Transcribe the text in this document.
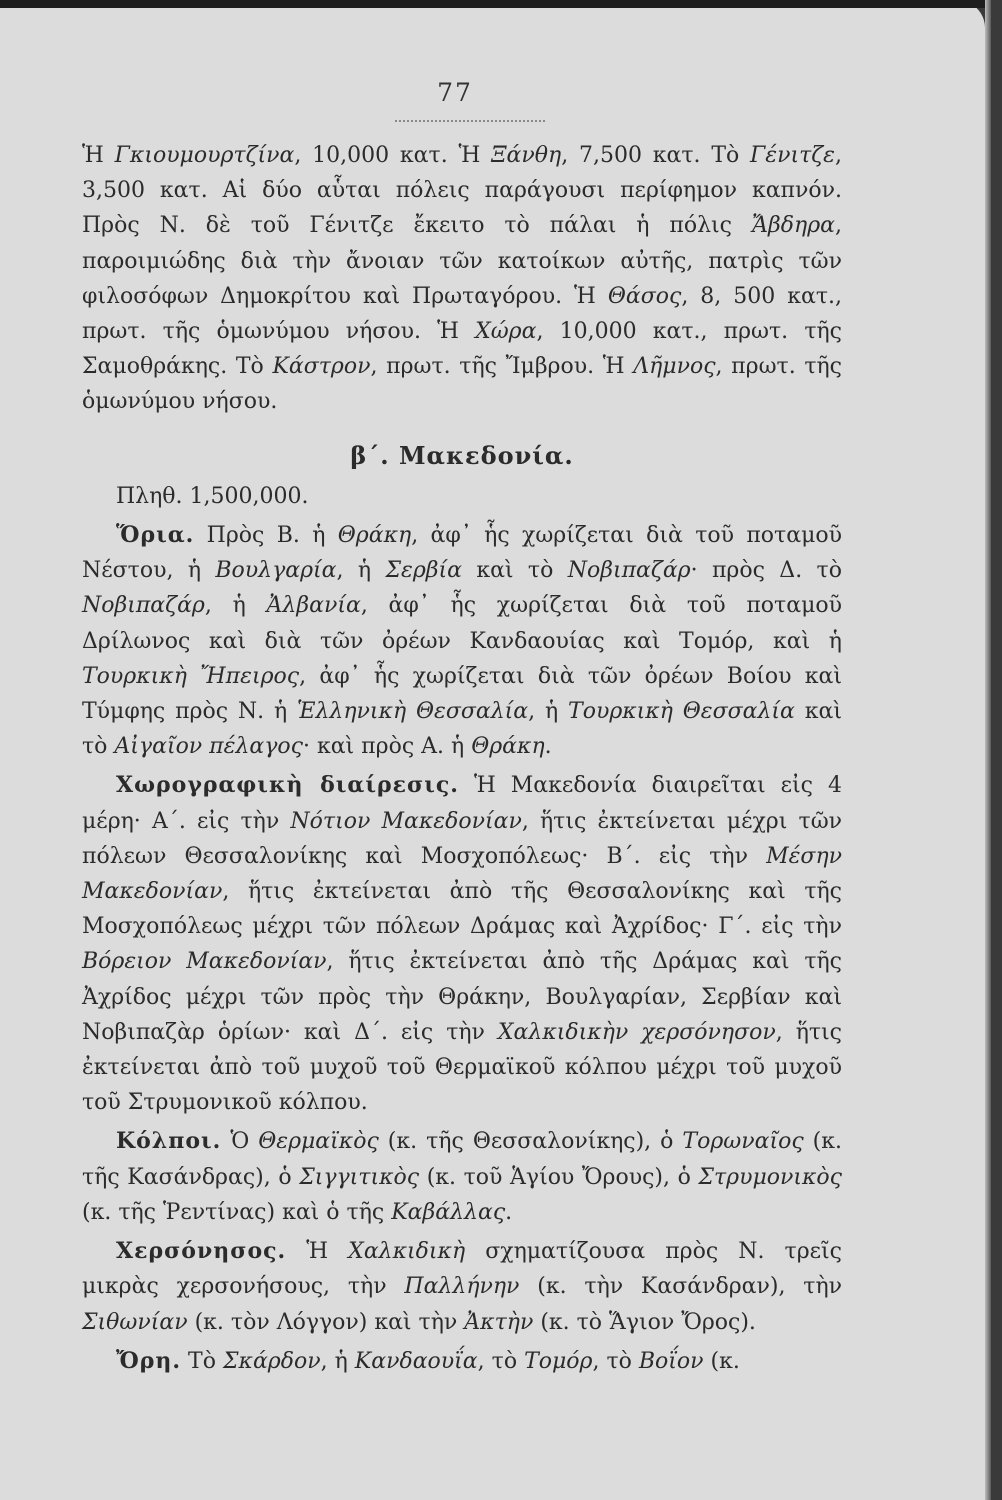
77

Ἡ Γκιουμουρτζίνα, 10,000 κατ. Ἡ Ξάνθη, 7,500 κατ. Τὸ Γένιτζε, 3,500 κατ. Αἱ δύο αὗται πόλεις παράγουσι περίφημον καπνόν. Πρὸς Ν. δὲ τοῦ Γένιτζε ἔκειτο τὸ πάλαι ἡ πόλις Ἄβδηρα, παροιμιώδης διὰ τὴν ἄνοιαν τῶν κατοίκων αὐτῆς, πατρὶς τῶν φιλοσόφων Δημοκρίτου καὶ Πρωταγόρου. Ἡ Θάσος, 8, 500 κατ., πρωτ. τῆς ὁμωνύμου νήσου. Ἡ Χώρα, 10,000 κατ., πρωτ. τῆς Σαμοθράκης. Τὸ Κάστρον, πρωτ. τῆς Ἴμβρου. Ἡ Λῆμνος, πρωτ. τῆς ὁμωνύμου νήσου.

β΄. Μακεδονία.

Πληθ. 1,500,000.

Ὅρια. Πρὸς Β. ἡ Θράκη, ἀφ᾽ ἧς χωρίζεται διὰ τοῦ ποταμοῦ Νέστου, ἡ Βουλγαρία, ἡ Σερβία καὶ τὸ Νοβιπαζάρ· πρὸς Δ. τὸ Νοβιπαζάρ, ἡ Ἀλβανία, ἀφ᾽ ἧς χωρίζεται διὰ τοῦ ποταμοῦ Δρίλωνος καὶ διὰ τῶν ὀρέων Κανδαουίας καὶ Τομόρ, καὶ ἡ Τουρκικὴ Ἤπειρος, ἀφ᾽ ἧς χωρίζεται διὰ τῶν ὀρέων Βοίου καὶ Τύμφης πρὸς Ν. ἡ Ἑλληνικὴ Θεσσαλία, ἡ Τουρκικὴ Θεσσαλία καὶ τὸ Αἰγαῖον πέλαγος· καὶ πρὸς Α. ἡ Θράκη.

Χωρογραφικὴ διαίρεσις. Ἡ Μακεδονία διαιρεῖται εἰς 4 μέρη· Α΄. εἰς τὴν Νότιον Μακεδονίαν, ἥτις ἐκτείνεται μέχρι τῶν πόλεων Θεσσαλονίκης καὶ Μοσχοπόλεως· Β΄. εἰς τὴν Μέσην Μακεδονίαν, ἥτις ἐκτείνεται ἀπὸ τῆς Θεσσαλονίκης καὶ τῆς Μοσχοπόλεως μέχρι τῶν πόλεων Δράμας καὶ Ἀχρίδος· Γ΄. εἰς τὴν Βόρειον Μακεδονίαν, ἥτις ἐκτείνεται ἀπὸ τῆς Δράμας καὶ τῆς Ἀχρίδος μέχρι τῶν πρὸς τὴν Θράκην, Βουλγαρίαν, Σερβίαν καὶ Νοβιπαζὰρ ὁρίων· καὶ Δ΄. εἰς τὴν Χαλκιδικὴν χερσόνησον, ἥτις ἐκτείνεται ἀπὸ τοῦ μυχοῦ τοῦ Θερμαϊκοῦ κόλπου μέχρι τοῦ μυχοῦ τοῦ Στρυμονικοῦ κόλπου.

Κόλποι. Ὁ Θερμαϊκὸς (κ. τῆς Θεσσαλονίκης), ὁ Τορωναῖος (κ. τῆς Κασάνδρας), ὁ Σιγγιτικὸς (κ. τοῦ Ἁγίου Ὄρους), ὁ Στρυμονικὸς (κ. τῆς Ῥεντίνας) καὶ ὁ τῆς Καβάλλας.

Χερσόνησος. Ἡ Χαλκιδικὴ σχηματίζουσα πρὸς Ν. τρεῖς μικρὰς χερσονήσους, τὴν Παλλήνην (κ. τὴν Κασάνδραν), τὴν Σιθωνίαν (κ. τὸν Λόγγον) καὶ τὴν Ἀκτὴν (κ. τὸ Ἅγιον Ὄρος).

Ὄρη. Τὸ Σκάρδον, ἡ Κανδαουΐα, τὸ Τομόρ, τὸ Βοΐον (κ.
